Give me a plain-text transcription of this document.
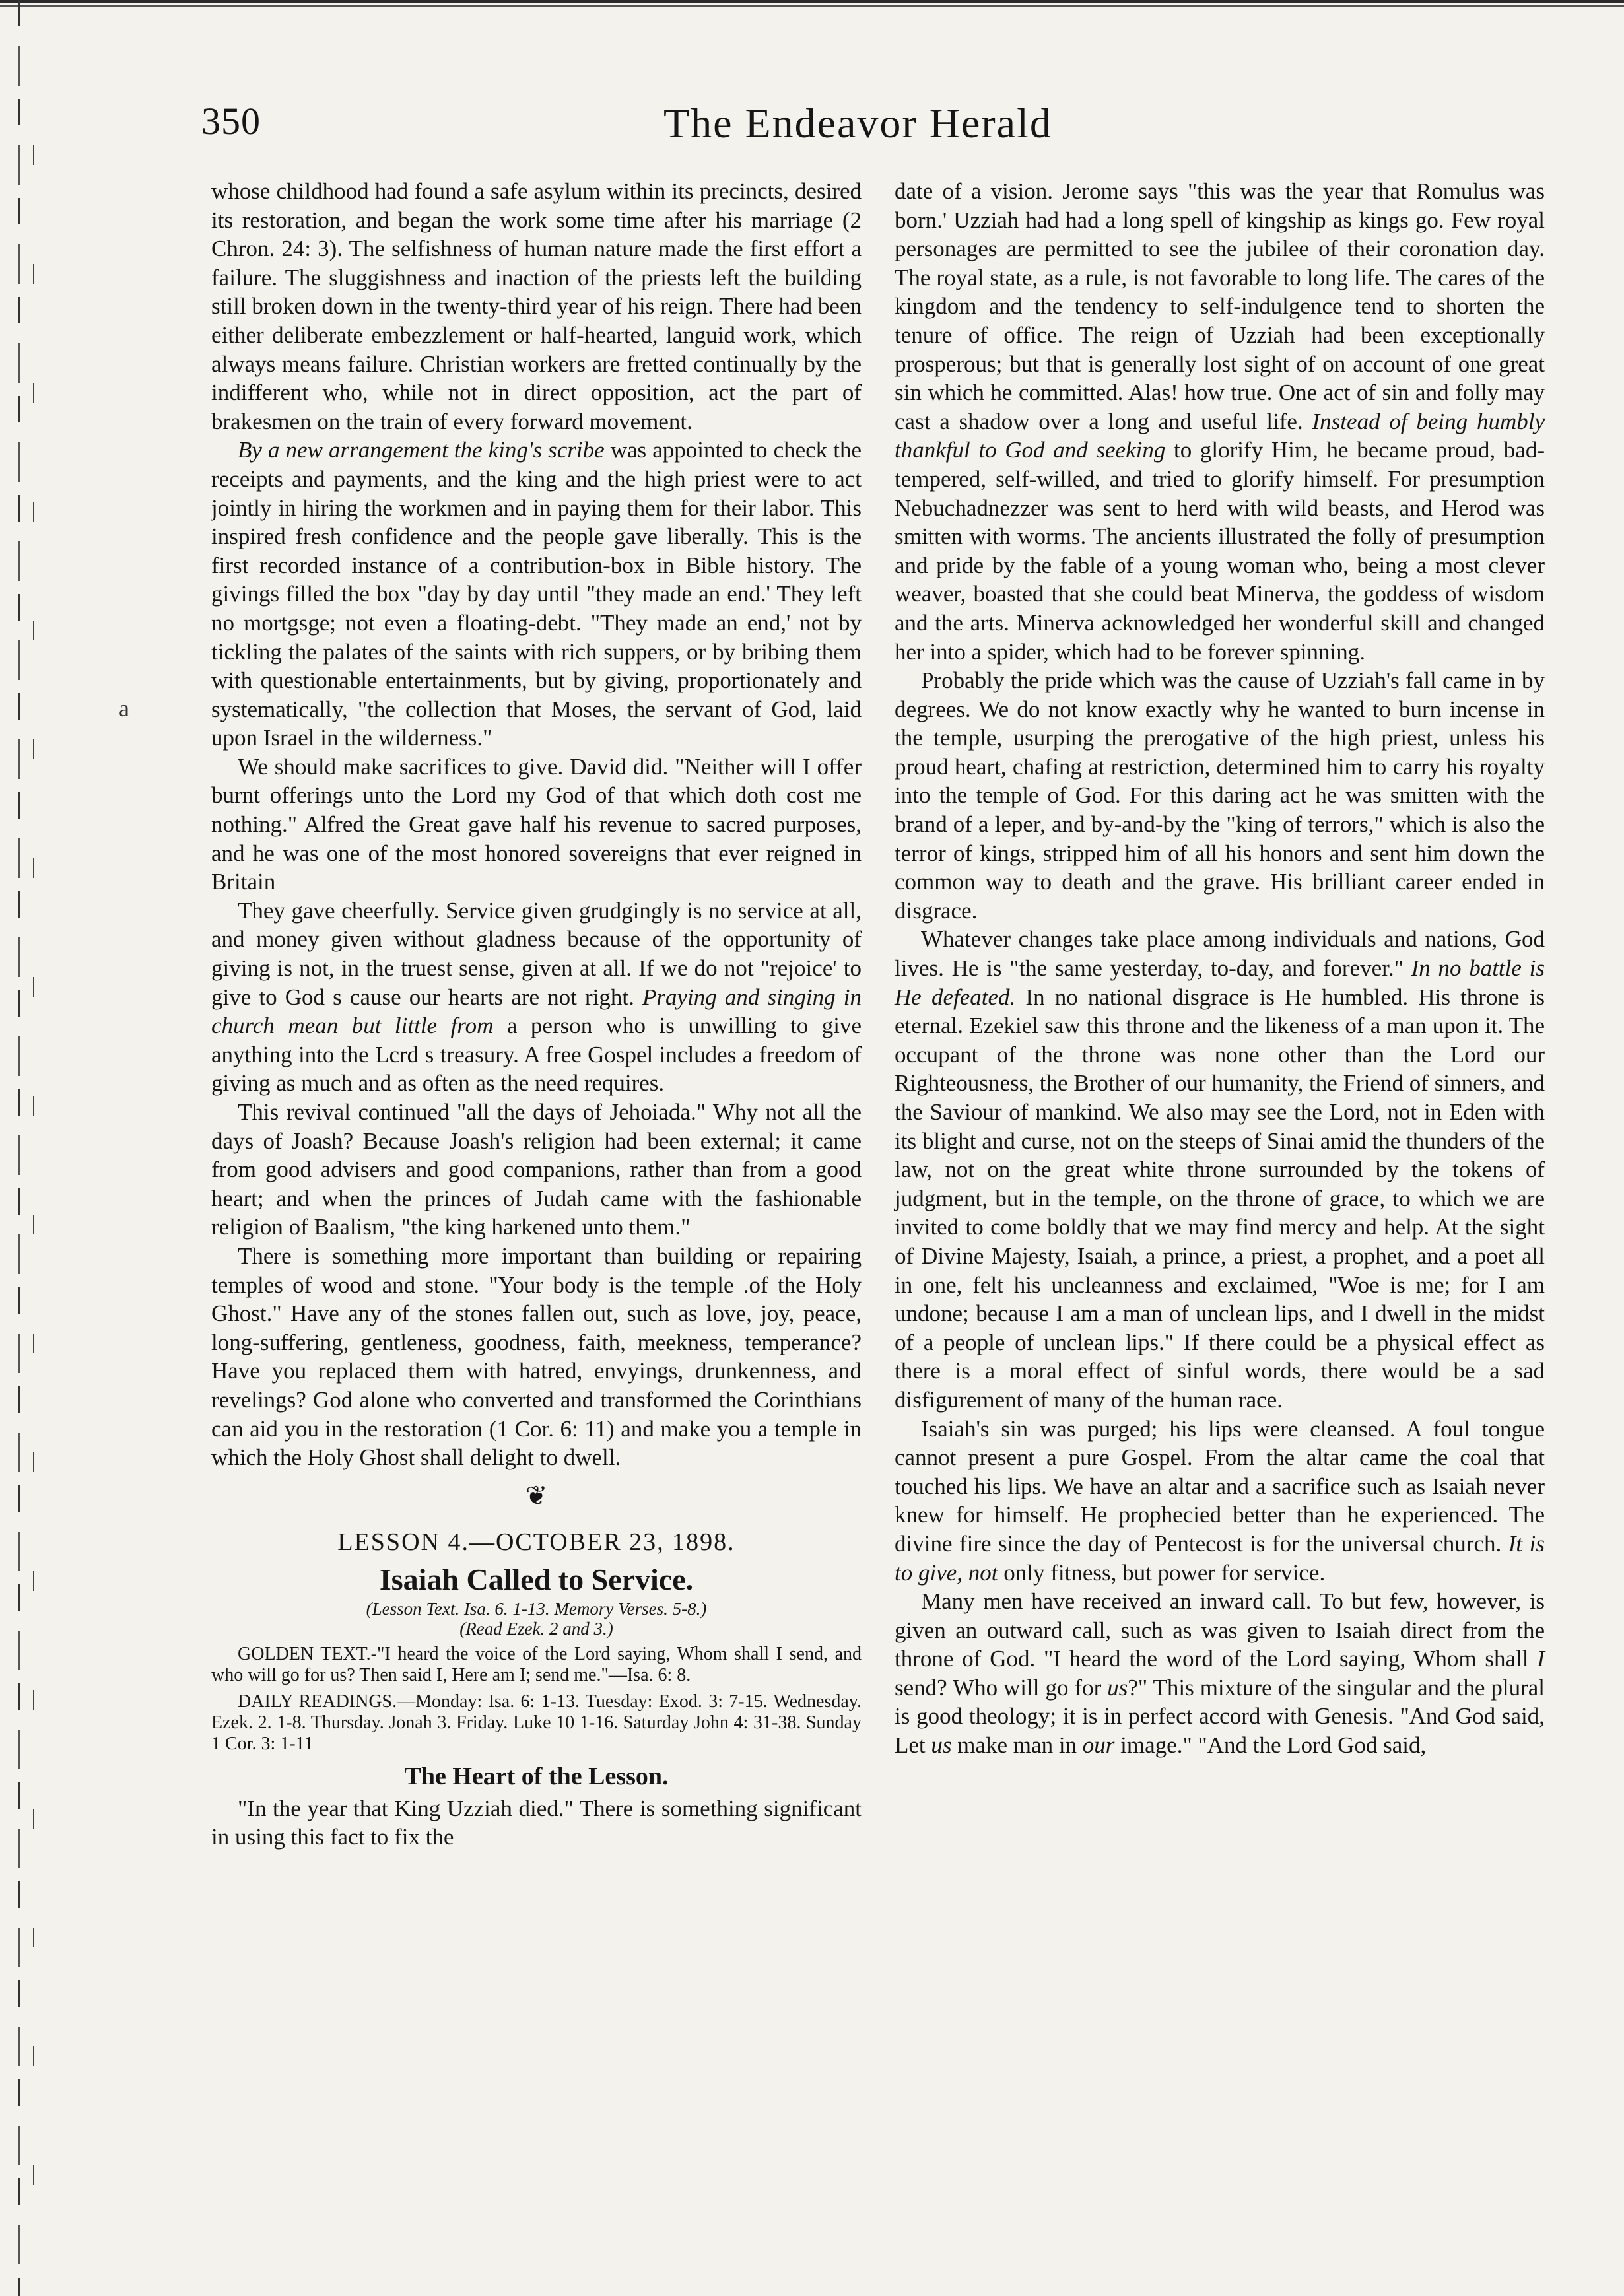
a
350	The Endeavor Herald

whose childhood had found a safe asylum within its precincts, desired its restoration, and began the work some time after his marriage (2 Chron. 24: 3). The selfishness of human nature made the first effort a failure. The sluggishness and inaction of the priests left the building still broken down in the twenty-third year of his reign. There had been either deliberate embezzlement or half-hearted, languid work, which always means failure. Christian workers are fretted continually by the indifferent who, while not in direct opposition, act the part of brakesmen on the train of every forward movement.

By a new arrangement the king's scribe was appointed to check the receipts and payments, and the king and the high priest were to act jointly in hiring the workmen and in paying them for their labor. This inspired fresh confidence and the people gave liberally. This is the first recorded instance of a contribution-box in Bible history. The givings filled the box "day by day until "they made an end.' They left no mortgsge; not even a floating-debt. "They made an end,' not by tickling the palates of the saints with rich suppers, or by bribing them with questionable entertainments, but by giving, proportionately and systematically, "the collection that Moses, the servant of God, laid upon Israel in the wilderness."

We should make sacrifices to give. David did. "Neither will I offer burnt offerings unto the Lord my God of that which doth cost me nothing." Alfred the Great gave half his revenue to sacred purposes, and he was one of the most honored sovereigns that ever reigned in Britain

They gave cheerfully. Service given grudgingly is no service at all, and money given without gladness because of the opportunity of giving is not, in the truest sense, given at all. If we do not "rejoice' to give to God s cause our hearts are not right. Praying and singing in church mean but little from a person who is unwilling to give anything into the Lcrd s treasury. A free Gospel includes a freedom of giving as much and as often as the need requires.

This revival continued "all the days of Jehoiada." Why not all the days of Joash? Because Joash's religion had been external; it came from good advisers and good companions, rather than from a good heart; and when the princes of Judah came with the fashionable religion of Baalism, "the king harkened unto them."

There is something more important than building or repairing temples of wood and stone. "Your body is the temple .of the Holy Ghost." Have any of the stones fallen out, such as love, joy, peace, long-suffering, gentleness, goodness, faith, meekness, temperance? Have you replaced them with hatred, envyings, drunkenness, and revelings? God alone who converted and transformed the Corinthians can aid you in the restoration (1 Cor. 6: 11) and make you a temple in which the Holy Ghost shall delight to dwell.

❦
LESSON 4.—OCTOBER 23, 1898.
Isaiah Called to Service.
(Lesson Text. Isa. 6. 1-13. Memory Verses. 5-8.)
(Read Ezek. 2 and 3.)

GOLDEN TEXT.-"I heard the voice of the Lord saying, Whom shall I send, and who will go for us? Then said I, Here am I; send me."—Isa. 6: 8.

DAILY READINGS.—Monday: Isa. 6: 1-13. Tuesday: Exod. 3: 7-15. Wednesday. Ezek. 2. 1-8. Thursday. Jonah 3. Friday. Luke 10 1-16. Saturday John 4: 31-38. Sunday 1 Cor. 3: 1-11

The Heart of the Lesson.

"In the year that King Uzziah died." There is something significant in using this fact to fix the

date of a vision. Jerome says "this was the year that Romulus was born.' Uzziah had had a long spell of kingship as kings go. Few royal personages are permitted to see the jubilee of their coronation day. The royal state, as a rule, is not favorable to long life. The cares of the kingdom and the tendency to self-indulgence tend to shorten the tenure of office. The reign of Uzziah had been exceptionally prosperous; but that is generally lost sight of on account of one great sin which he committed. Alas! how true. One act of sin and folly may cast a shadow over a long and useful life. Instead of being humbly thankful to God and seeking to glorify Him, he became proud, bad-tempered, self-willed, and tried to glorify himself. For presumption Nebuchadnezzer was sent to herd with wild beasts, and Herod was smitten with worms. The ancients illustrated the folly of presumption and pride by the fable of a young woman who, being a most clever weaver, boasted that she could beat Minerva, the goddess of wisdom and the arts. Minerva acknowledged her wonderful skill and changed her into a spider, which had to be forever spinning.

Probably the pride which was the cause of Uzziah's fall came in by degrees. We do not know exactly why he wanted to burn incense in the temple, usurping the prerogative of the high priest, unless his proud heart, chafing at restriction, determined him to carry his royalty into the temple of God. For this daring act he was smitten with the brand of a leper, and by-and-by the "king of terrors," which is also the terror of kings, stripped him of all his honors and sent him down the common way to death and the grave. His brilliant career ended in disgrace.

Whatever changes take place among individuals and nations, God lives. He is "the same yesterday, to-day, and forever." In no battle is He defeated. In no national disgrace is He humbled. His throne is eternal. Ezekiel saw this throne and the likeness of a man upon it. The occupant of the throne was none other than the Lord our Righteousness, the Brother of our humanity, the Friend of sinners, and the Saviour of mankind. We also may see the Lord, not in Eden with its blight and curse, not on the steeps of Sinai amid the thunders of the law, not on the great white throne surrounded by the tokens of judgment, but in the temple, on the throne of grace, to which we are invited to come boldly that we may find mercy and help. At the sight of Divine Majesty, Isaiah, a prince, a priest, a prophet, and a poet all in one, felt his uncleanness and exclaimed, "Woe is me; for I am undone; because I am a man of unclean lips, and I dwell in the midst of a people of unclean lips." If there could be a physical effect as there is a moral effect of sinful words, there would be a sad disfigurement of many of the human race.

Isaiah's sin was purged; his lips were cleansed. A foul tongue cannot present a pure Gospel. From the altar came the coal that touched his lips. We have an altar and a sacrifice such as Isaiah never knew for himself. He prophecied better than he experienced. The divine fire since the day of Pentecost is for the universal church. It is to give, not only fitness, but power for service.

Many men have received an inward call. To but few, however, is given an outward call, such as was given to Isaiah direct from the throne of God. "I heard the word of the Lord saying, Whom shall I send? Who will go for us?" This mixture of the singular and the plural is good theology; it is in perfect accord with Genesis. "And God said, Let us make man in our image." "And the Lord God said,
